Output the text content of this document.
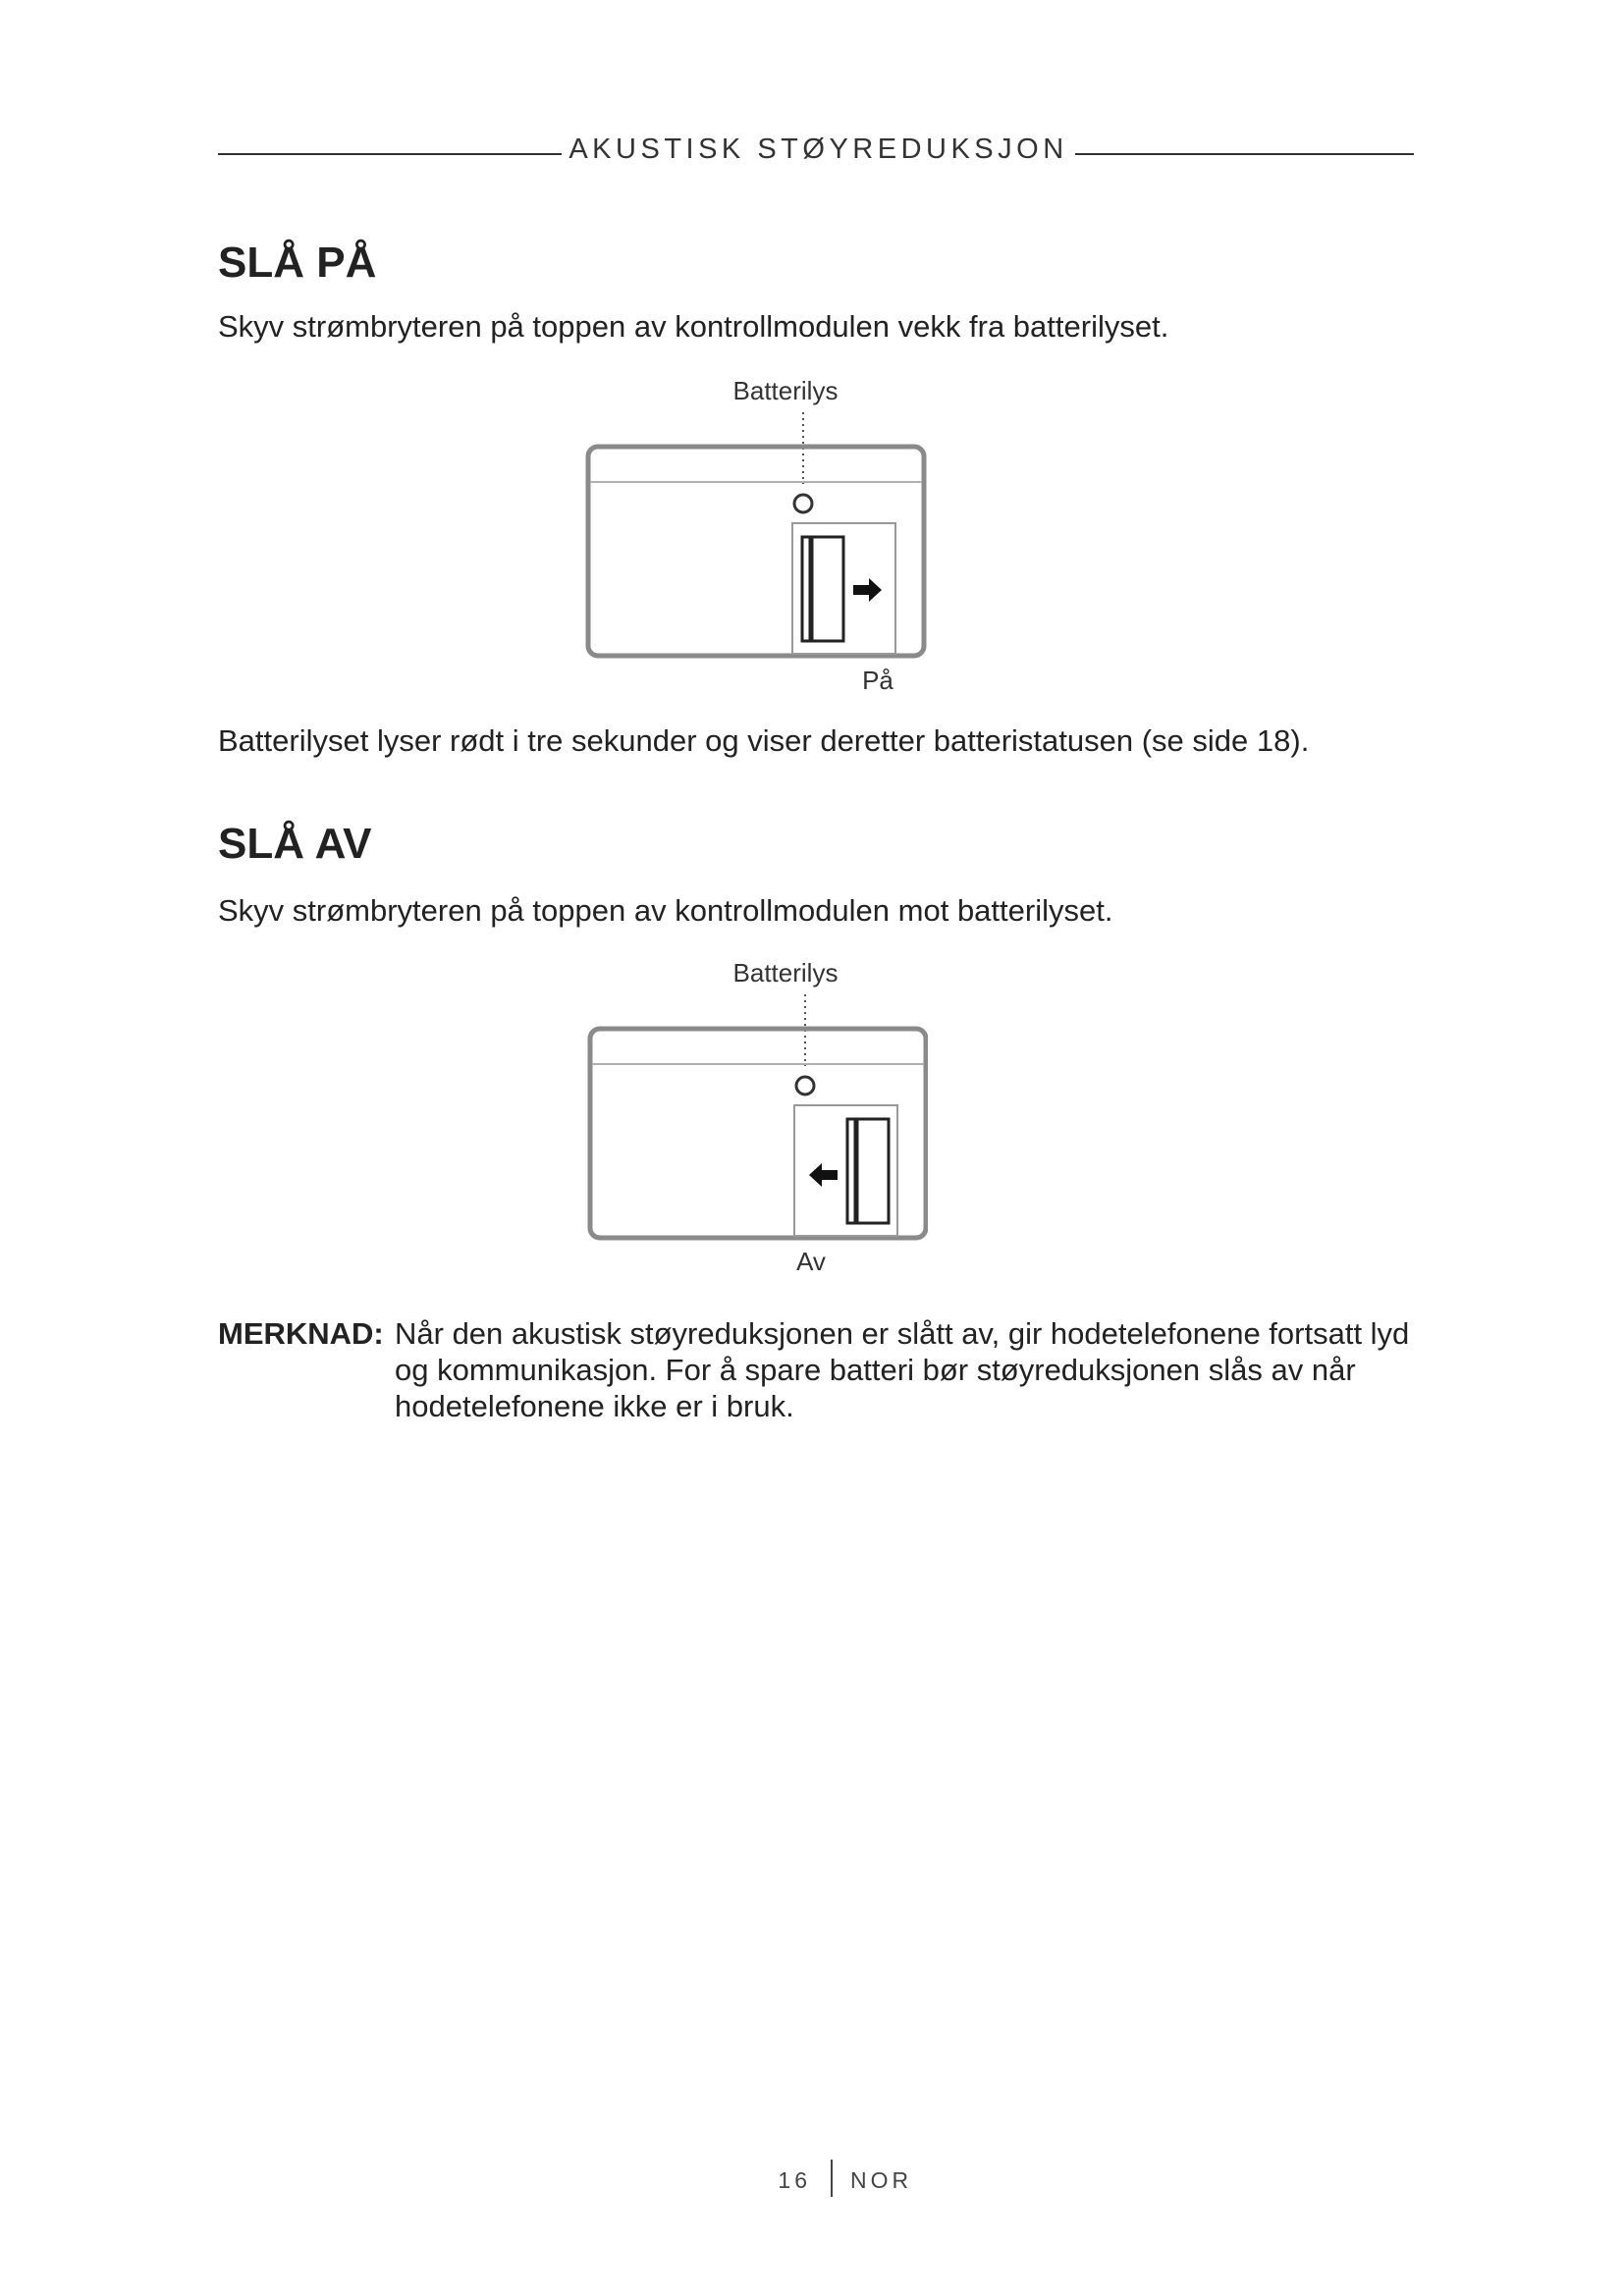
AKUSTISK STØYREDUKSJON
SLÅ PÅ

Skyv strømbryteren på toppen av kontrollmodulen vekk fra batterilyset.

Batterilys
På

Batterilyset lyser rødt i tre sekunder og viser deretter batteristatusen (se side 18).

SLÅ AV

Skyv strømbryteren på toppen av kontrollmodulen mot batterilyset.

Batterilys
Av
MERKNAD: Når den akustisk støyreduksjonen er slått av, gir hodetelefonene fortsatt lyd og kommunikasjon. For å spare batteri bør støyreduksjonen slås av når hodetelefonene ikke er i bruk.
16 NOR
